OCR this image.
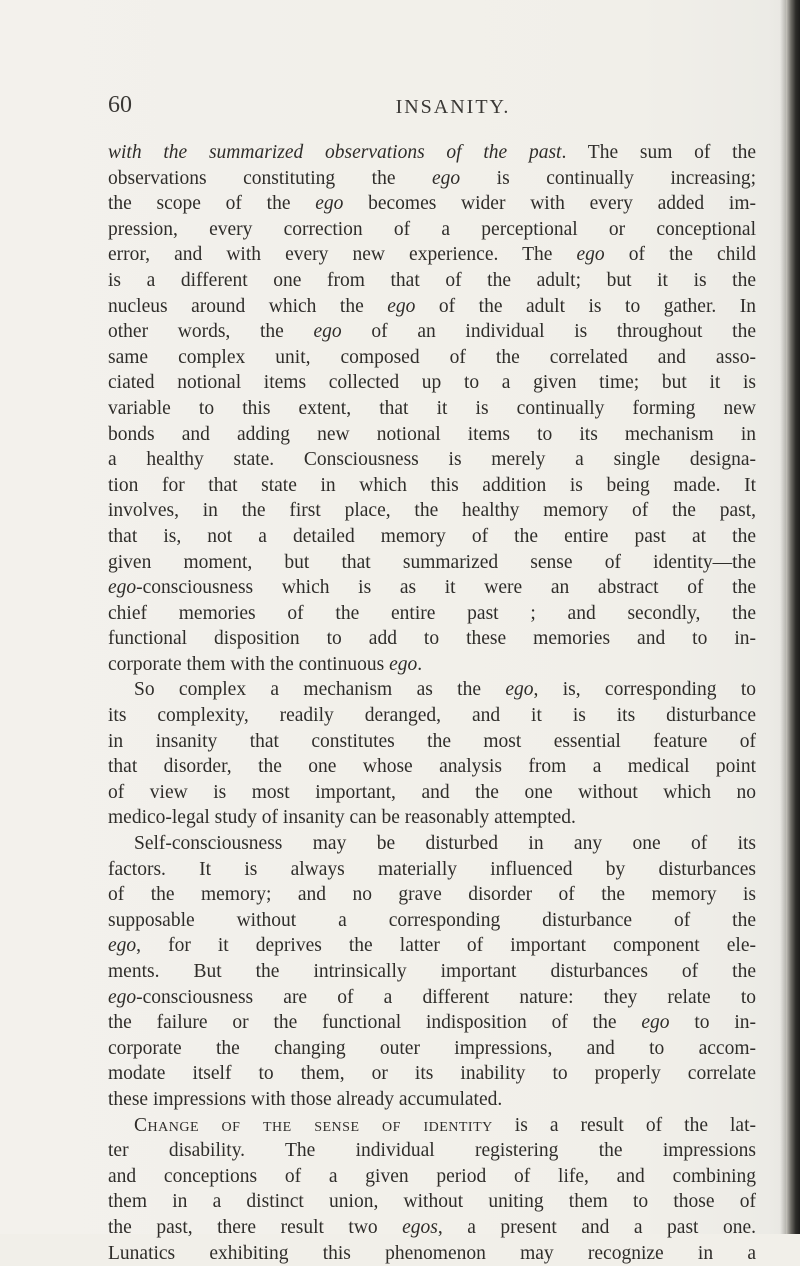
60	INSANITY.
with the summarized observations of the past. The sum of the
observations constituting the ego is continually increasing;
the scope of the ego becomes wider with every added im-
pression, every correction of a perceptional or conceptional
error, and with every new experience. The ego of the child
is a different one from that of the adult; but it is the
nucleus around which the ego of the adult is to gather. In
other words, the ego of an individual is throughout the
same complex unit, composed of the correlated and asso-
ciated notional items collected up to a given time; but it is
variable to this extent, that it is continually forming new
bonds and adding new notional items to its mechanism in
a healthy state. Consciousness is merely a single designa-
tion for that state in which this addition is being made. It
involves, in the first place, the healthy memory of the past,
that is, not a detailed memory of the entire past at the
given moment, but that summarized sense of identity—the
ego-consciousness which is as it were an abstract of the
chief memories of the entire past ; and secondly, the
functional disposition to add to these memories and to in-
corporate them with the continuous ego.
So complex a mechanism as the ego, is, corresponding to
its complexity, readily deranged, and it is its disturbance
in insanity that constitutes the most essential feature of
that disorder, the one whose analysis from a medical point
of view is most important, and the one without which no
medico-legal study of insanity can be reasonably attempted.
Self-consciousness may be disturbed in any one of its
factors. It is always materially influenced by disturbances
of the memory; and no grave disorder of the memory is
supposable without a corresponding disturbance of the
ego, for it deprives the latter of important component ele-
ments. But the intrinsically important disturbances of the
ego-consciousness are of a different nature: they relate to
the failure or the functional indisposition of the ego to in-
corporate the changing outer impressions, and to accom-
modate itself to them, or its inability to properly correlate
these impressions with those already accumulated.
Change of the sense of identity is a result of the lat-
ter disability. The individual registering the impressions
and conceptions of a given period of life, and combining
them in a distinct union, without uniting them to those of
the past, there result two egos, a present and a past one.
Lunatics exhibiting this phenomenon may recognize in a
